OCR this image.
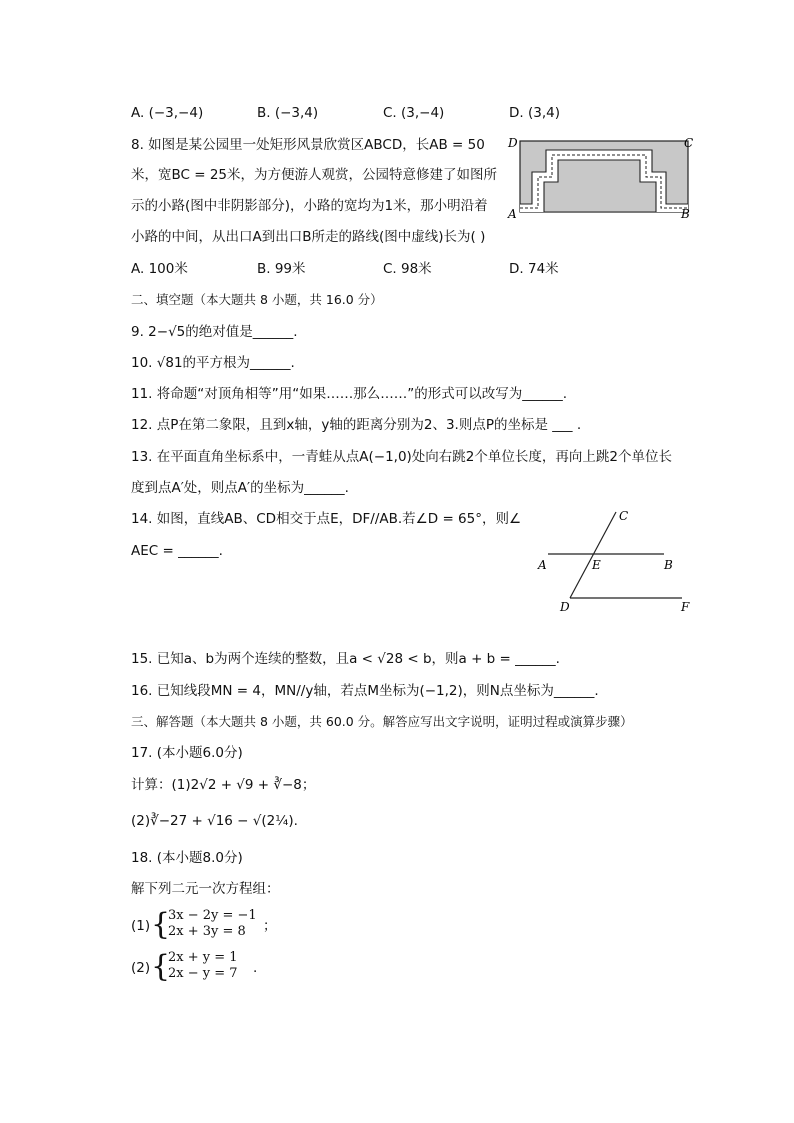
A. (−3,−4)	B. (−3,4)	C. (3,−4)	D. (3,4)
8. 如图是某公园里一处矩形风景欣赏区ABCD，长AB = 50
米，宽BC = 25米，为方便游人观赏，公园特意修建了如图所
示的小路(图中非阴影部分)，小路的宽均为1米，那小明沿着
小路的中间，从出口A到出口B所走的路线(图中虚线)长为( )
D	C
A	B
A. 100米	B. 99米	C. 98米	D. 74米
二、填空题（本大题共 8 小题，共 16.0 分）
9. 2−√5的绝对值是______.
10. √81的平方根为______.
11. 将命题“对顶角相等”用“如果……那么……”的形式可以改写为______.
12. 点P在第二象限，且到x轴，y轴的距离分别为2、3.则点P的坐标是 ___ .
13. 在平面直角坐标系中，一青蛙从点A(−1,0)处向右跳2个单位长度，再向上跳2个单位长
度到点A′处，则点A′的坐标为______.
14. 如图，直线AB、CD相交于点E，DF//AB.若∠D = 65°，则∠
AEC = ______.
C
A	E	B
D	F
15. 已知a、b为两个连续的整数，且a < √28 < b，则a + b = ______.
16. 已知线段MN = 4，MN//y轴，若点M坐标为(−1,2)，则N点坐标为______.
三、解答题（本大题共 8 小题，共 60.0 分。解答应写出文字说明，证明过程或演算步骤）
17. (本小题6.0分)
计算：(1)2√2 + √9 + ∛−8；
(2)∛−27 + √16 − √(2¼).
18. (本小题8.0分)
解下列二元一次方程组：
(1) {
3x − 2y = −1
2x + 3y = 8 ；
(2) {
2x + y = 1
2x − y = 7 .
